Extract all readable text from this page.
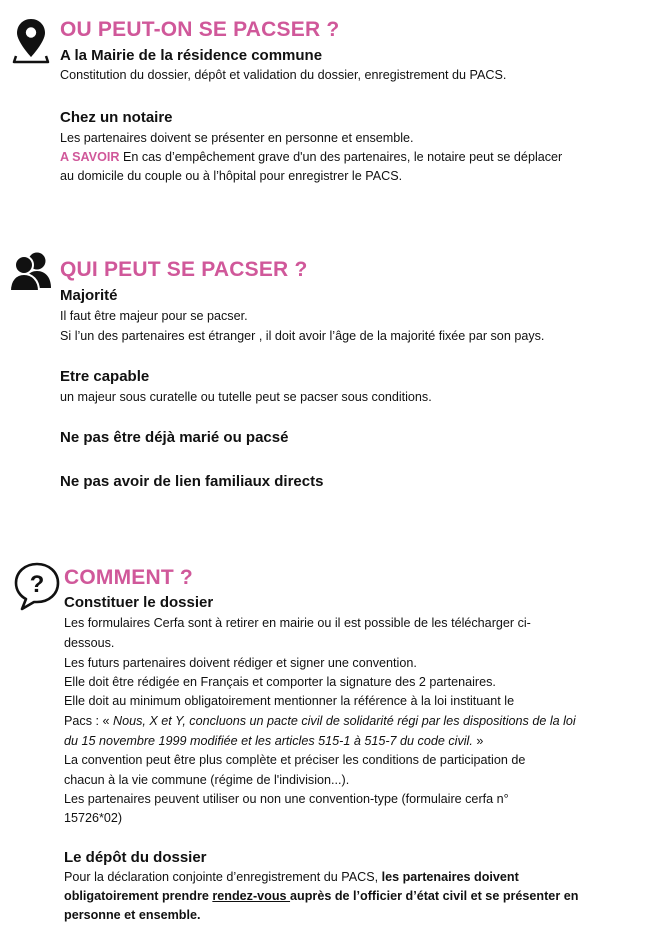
OU PEUT-ON SE PACSER ?
A la Mairie de la résidence commune
Constitution du dossier, dépôt et validation du dossier, enregistrement du PACS.
Chez un notaire
Les partenaires doivent se présenter en personne et ensemble.
A SAVOIR En cas d’empêchement grave d'un des partenaires, le notaire peut se déplacer
au domicile du couple ou à l’hôpital pour enregistrer le PACS.
QUI PEUT SE PACSER ?
Majorité
Il faut être majeur pour se pacser.
Si l’un des partenaires est étranger , il doit avoir l’âge de la majorité fixée par son pays.
Etre capable
un majeur sous curatelle ou tutelle peut se pacser sous conditions.
Ne pas être déjà marié ou pacsé
Ne pas avoir de lien familiaux directs
? COMMENT ?
Constituer le dossier
Les formulaires Cerfa sont à retirer en mairie ou il est possible de les télécharger ci-
dessous.
Les futurs partenaires doivent rédiger et signer une convention.
Elle doit être rédigée en Français et comporter la signature des 2 partenaires.
Elle doit au minimum obligatoirement mentionner la référence à la loi instituant le
Pacs : « Nous, X et Y, concluons un pacte civil de solidarité régi par les dispositions de la loi
du 15 novembre 1999 modifiée et les articles 515-1 à 515-7 du code civil. »
La convention peut être plus complète et préciser les conditions de participation de
chacun à la vie commune (régime de l'indivision...).
Les partenaires peuvent utiliser ou non une convention-type (formulaire cerfa n°
15726*02)
Le dépôt du dossier
Pour la déclaration conjointe d’enregistrement du PACS, les partenaires doivent
obligatoirement prendre rendez-vous auprès de l’officier d’état civil et se présenter en
personne et ensemble.
